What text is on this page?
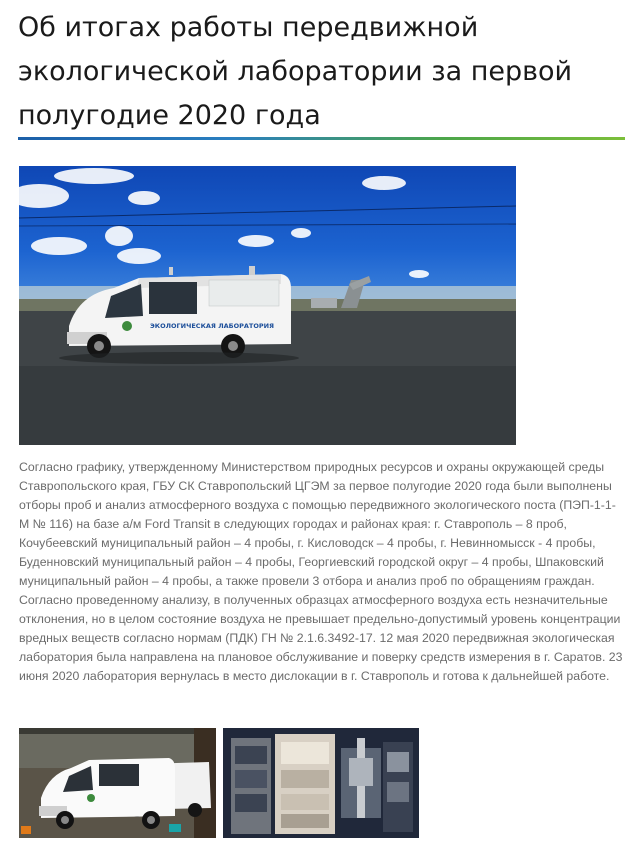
Об итогах работы передвижной экологической лаборатории за первой полугодие 2020 года
ЭКОЛОГИЧЕСКАЯ ЛАБОРАТОРИЯ

Согласно графику, утвержденному Министерством природных ресурсов и охраны окружающей среды Ставропольского края, ГБУ СК Ставропольский ЦГЭМ за первое полугодие 2020 года были выполнены отборы проб и анализ атмосферного воздуха с помощью передвижного экологического поста (ПЭП-1-1-М № 116) на базе а/м Ford Transit в следующих городах и районах края: г. Ставрополь – 8 проб, Кочубеевский муниципальный район – 4 пробы, г. Кисловодск – 4 пробы, г. Невинномысск - 4 пробы, Буденновский муниципальный район – 4 пробы, Георгиевский городской округ – 4 пробы, Шпаковский муниципальный район – 4 пробы, а также провели 3 отбора и анализ проб по обращениям граждан. Согласно проведенному анализу, в полученных образцах атмосферного воздуха есть незначительные отклонения, но в целом состояние воздуха не превышает предельно-допустимый уровень концентрации вредных веществ согласно нормам (ПДК) ГН № 2.1.6.3492-17. 12 мая 2020 передвижная экологическая лаборатория была направлена на плановое обслуживание и поверку средств измерения в г. Саратов. 23 июня 2020 лаборатория вернулась в место дислокации в г. Ставрополь и готова к дальнейшей работе.
